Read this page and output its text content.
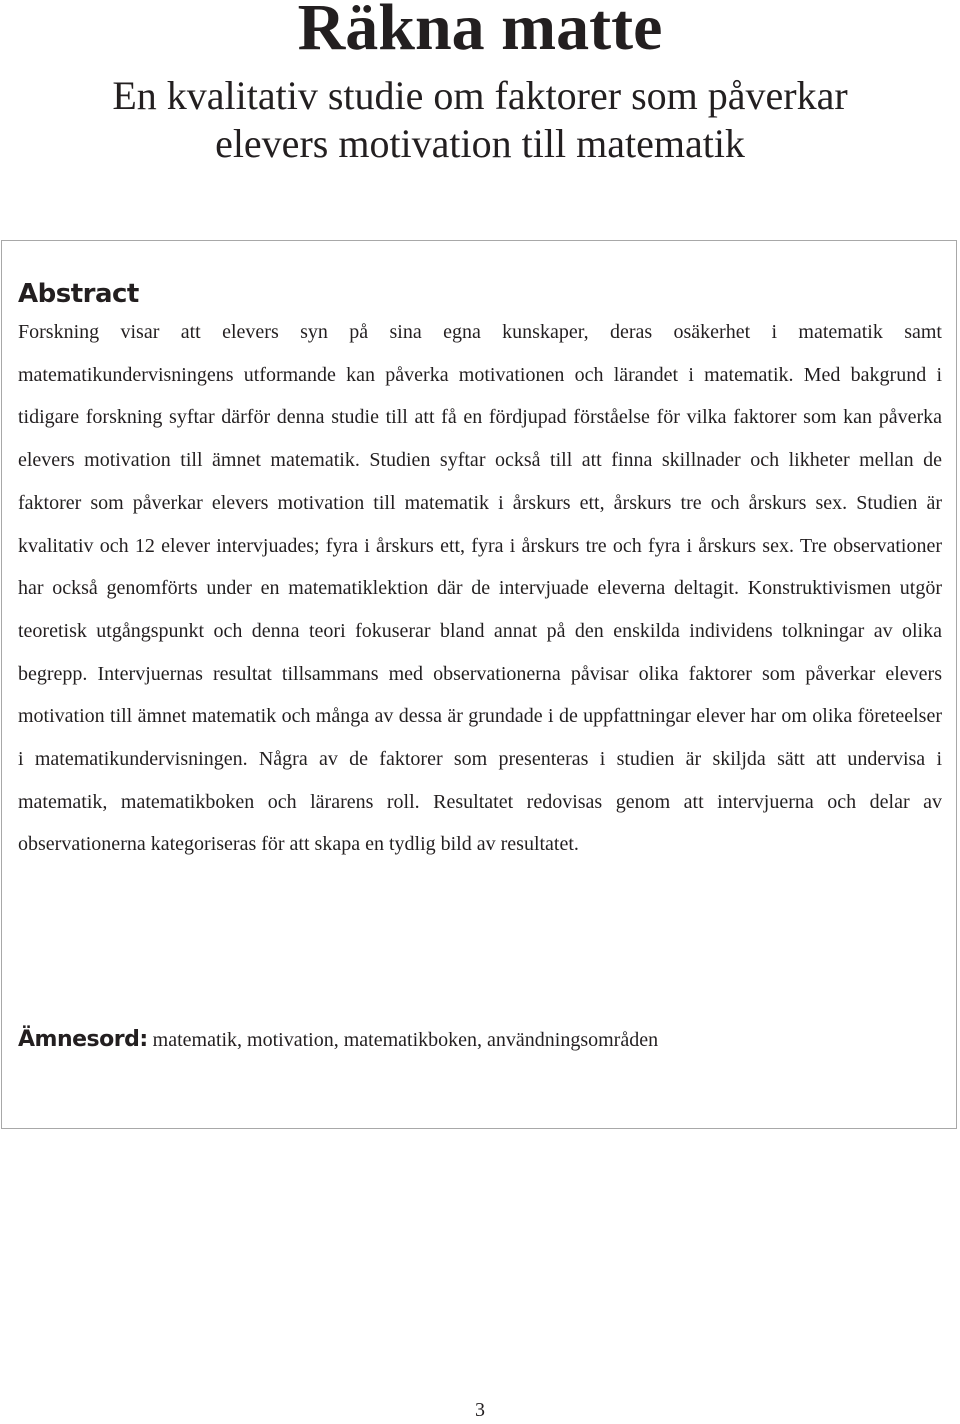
Räkna matte
En kvalitativ studie om faktorer som påverkar
elevers motivation till matematik
Abstract

Forskning visar att elevers syn på sina egna kunskaper, deras osäkerhet i matematik samt matematikundervisningens utformande kan påverka motivationen och lärandet i matematik. Med bakgrund i tidigare forskning syftar därför denna studie till att få en fördjupad förståelse för vilka faktorer som kan påverka elevers motivation till ämnet matematik. Studien syftar också till att finna skillnader och likheter mellan de faktorer som påverkar elevers motivation till matematik i årskurs ett, årskurs tre och årskurs sex. Studien är kvalitativ och 12 elever intervjuades; fyra i årskurs ett, fyra i årskurs tre och fyra i årskurs sex. Tre observationer har också genomförts under en matematiklektion där de intervjuade eleverna deltagit. Konstruktivismen utgör teoretisk utgångspunkt och denna teori fokuserar bland annat på den enskilda individens tolkningar av olika begrepp. Intervjuernas resultat tillsammans med observationerna påvisar olika faktorer som påverkar elevers motivation till ämnet matematik och många av dessa är grundade i de uppfattningar elever har om olika företeelser i matematikundervisningen. Några av de faktorer som presenteras i studien är skiljda sätt att undervisa i matematik, matematikboken och lärarens roll. Resultatet redovisas genom att intervjuerna och delar av observationerna kategoriseras för att skapa en tydlig bild av resultatet.

Ämnesord: matematik, motivation, matematikboken, användningsområden

3
